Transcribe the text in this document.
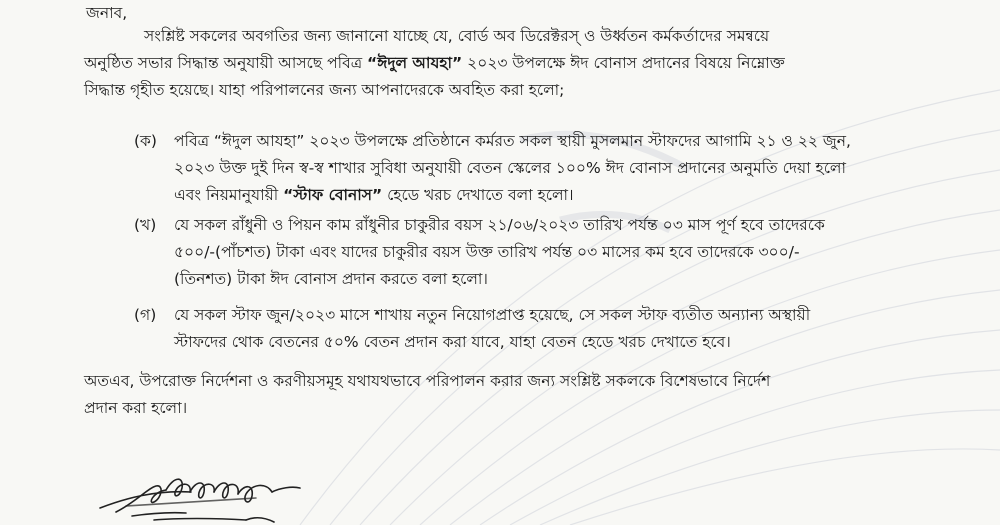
জনাব,
সংশ্লিষ্ট সকলের অবগতির জন্য জানানো যাচ্ছে যে, বোর্ড অব ডিরেক্টরস্ ও উর্ধ্বতন কর্মকর্তাদের সমন্বয়ে
অনুষ্ঠিত সভার সিদ্ধান্ত অনুযায়ী আসছে পবিত্র “ঈদুল আযহা” ২০২৩ উপলক্ষে ঈদ বোনাস প্রদানের বিষয়ে নিম্নোক্ত
সিদ্ধান্ত গৃহীত হয়েছে। যাহা পরিপালনের জন্য আপনাদেরকে অবহিত করা হলো;
(ক)	পবিত্র “ঈদুল আযহা” ২০২৩ উপলক্ষে প্রতিষ্ঠানে কর্মরত সকল স্থায়ী মুসলমান স্টাফদের আগামি ২১ ও ২২ জুন,
২০২৩ উক্ত দুই দিন স্ব-স্ব শাখার সুবিধা অনুযায়ী বেতন স্কেলের ১০০% ঈদ বোনাস প্রদানের অনুমতি দেয়া হলো
এবং নিয়মানুযায়ী “স্টাফ বোনাস” হেডে খরচ দেখাতে বলা হলো।
(খ)	যে সকল রাঁধুনী ও পিয়ন কাম রাঁধুনীর চাকুরীর বয়স ২১/০৬/২০২৩ তারিখ পর্যন্ত ০৩ মাস পূর্ণ হবে তাদেরকে
৫০০/-(পাঁচশত) টাকা এবং যাদের চাকুরীর বয়স উক্ত তারিখ পর্যন্ত ০৩ মাসের কম হবে তাদেরকে ৩০০/-
(তিনশত) টাকা ঈদ বোনাস প্রদান করতে বলা হলো।
(গ)	যে সকল স্টাফ জুন/২০২৩ মাসে শাখায় নতুন নিয়োগপ্রাপ্ত হয়েছে, সে সকল স্টাফ ব্যতীত অন্যান্য অস্থায়ী
স্টাফদের থোক বেতনের ৫০% বেতন প্রদান করা যাবে, যাহা বেতন হেডে খরচ দেখাতে হবে।
অতএব, উপরোক্ত নির্দেশনা ও করণীয়সমূহ যথাযথভাবে পরিপালন করার জন্য সংশ্লিষ্ট সকলকে বিশেষভাবে নির্দেশ
প্রদান করা হলো।
